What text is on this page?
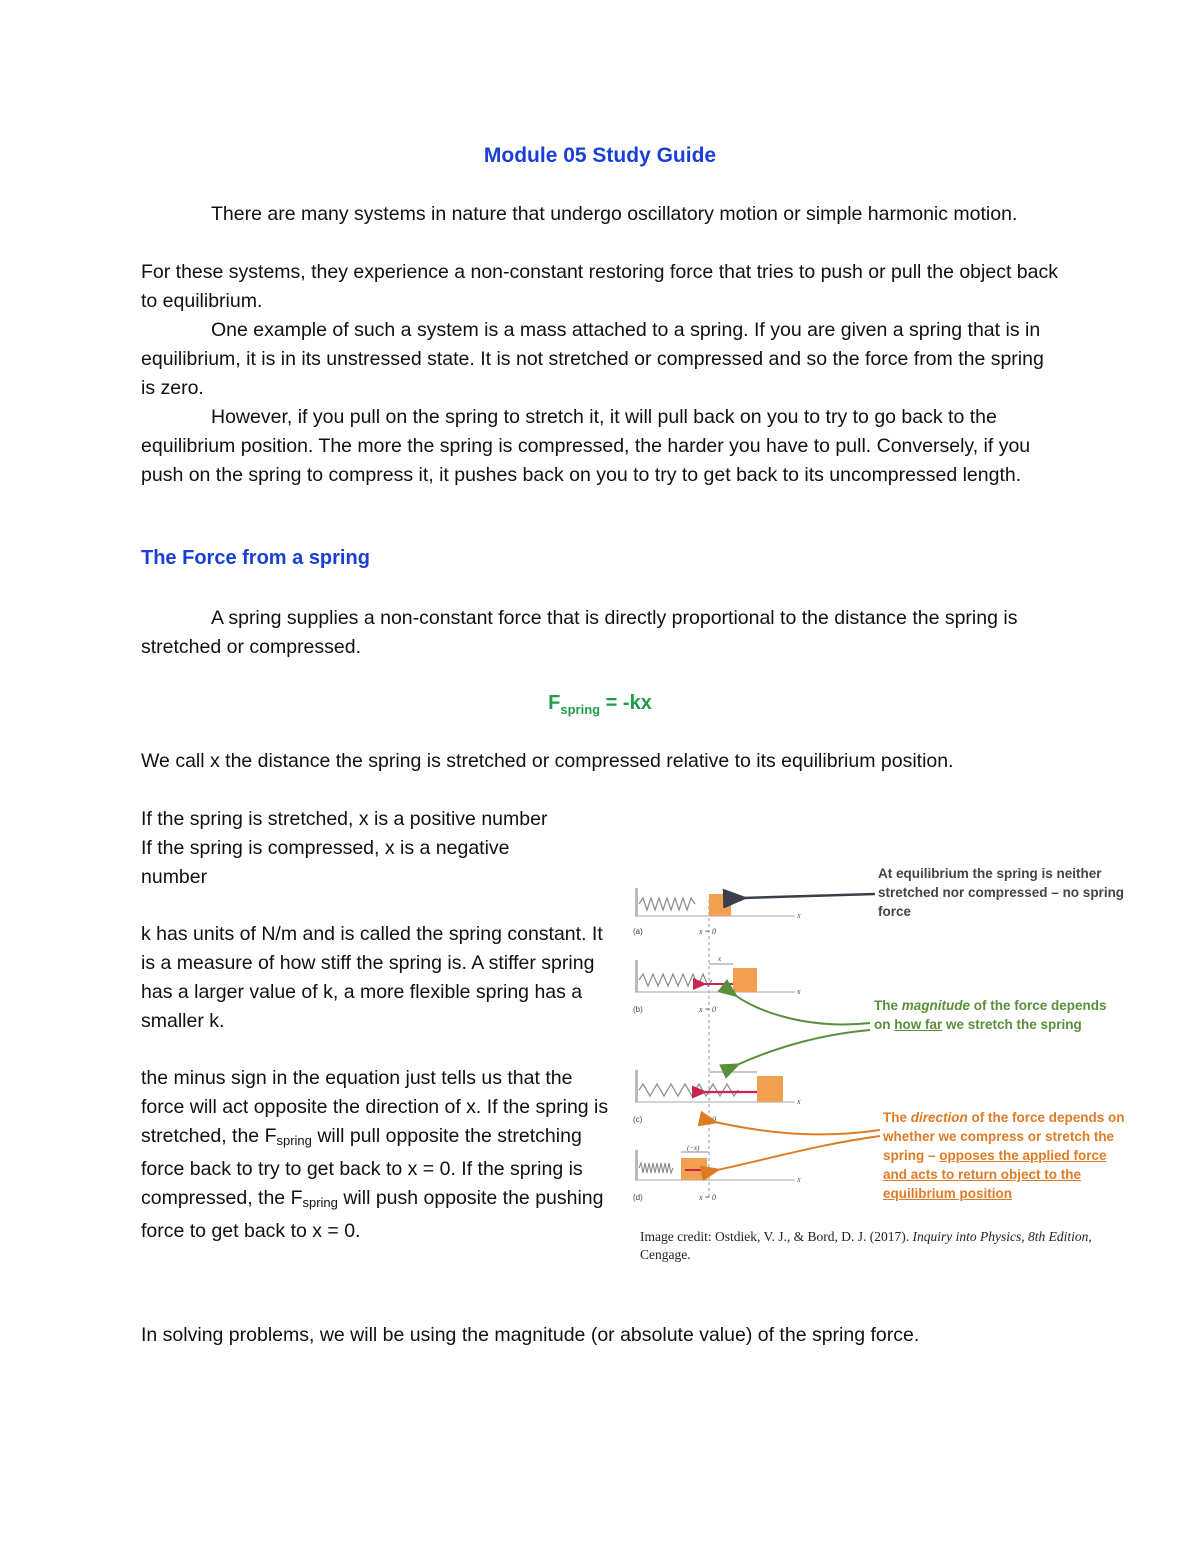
Module 05 Study Guide

There are many systems in nature that undergo oscillatory motion or simple harmonic motion.

For these systems, they experience a non-constant restoring force that tries to push or pull the object back to equilibrium.

One example of such a system is a mass attached to a spring. If you are given a spring that is in equilibrium, it is in its unstressed state. It is not stretched or compressed and so the force from the spring is zero.

However, if you pull on the spring to stretch it, it will pull back on you to try to go back to the equilibrium position. The more the spring is compressed, the harder you have to pull. Conversely, if you push on the spring to compress it, it pushes back on you to try to get back to its uncompressed length.

The Force from a spring

A spring supplies a non-constant force that is directly proportional to the distance the spring is stretched or compressed.

$F_{spring} = -kx$

We call x the distance the spring is stretched or compressed relative to its equilibrium position.

If the spring is stretched, x is a positive number

If the spring is compressed, x is a negative number

k has units of N/m and is called the spring constant. It is a measure of how stiff the spring is. A stiffer spring has a larger value of k, a more flexible spring has a smaller k.

the minus sign in the equation just tells us that the force will act opposite the direction of x. If the spring is stretched, the $F_{spring}$ will pull opposite the stretching force back to try to get back to x = 0. If the spring is compressed, the $F_{spring}$ will push opposite the pushing force to get back to x = 0.

(a)	x = 0
x
x
(b)	x = 0
x
2x
(c)	x = 0
x
(−x)
(d)	x = 0
x
At equilibrium the spring is neither stretched nor compressed – no spring force
The magnitude of the force depends on how far we stretch the spring
The direction of the force depends on whether we compress or stretch the spring – opposes the applied force and acts to return object to the equilibrium position
Image credit: Ostdiek, V. J., & Bord, D. J. (2017). Inquiry into Physics, 8th Edition, Cengage.

In solving problems, we will be using the magnitude (or absolute value) of the spring force.
